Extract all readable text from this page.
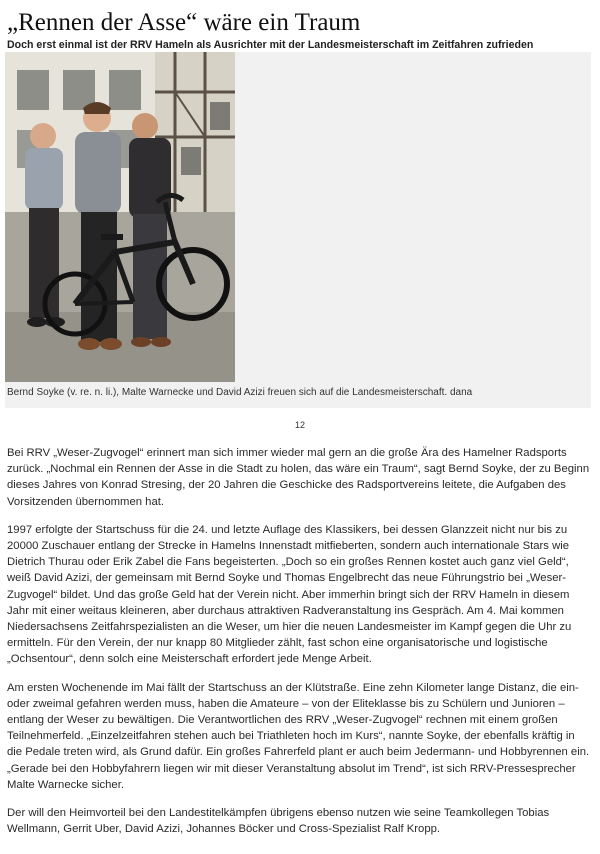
„Rennen der Asse“ wäre ein Traum
Doch erst einmal ist der RRV Hameln als Ausrichter mit der Landesmeisterschaft im Zeitfahren zufrieden

Bernd Soyke (v. re. n. li.), Malte Warnecke und David Azizi freuen sich auf die Landesmeisterschaft. dana

12

Bei RRV „Weser-Zugvogel“ erinnert man sich immer wieder mal gern an die große Ära des Hamelner Radsports zurück. „Nochmal ein Rennen der Asse in die Stadt zu holen, das wäre ein Traum“, sagt Bernd Soyke, der zu Beginn dieses Jahres von Konrad Stresing, der 20 Jahren die Geschicke des Radsportvereins leitete, die Aufgaben des Vorsitzenden übernommen hat.

1997 erfolgte der Startschuss für die 24. und letzte Auflage des Klassikers, bei dessen Glanzzeit nicht nur bis zu 20000 Zuschauer entlang der Strecke in Hamelns Innenstadt mitfieberten, sondern auch internationale Stars wie Dietrich Thurau oder Erik Zabel die Fans begeisterten. „Doch so ein großes Rennen kostet auch ganz viel Geld“, weiß David Azizi, der gemeinsam mit Bernd Soyke und Thomas Engelbrecht das neue Führungstrio bei „Weser-Zugvogel“ bildet. Und das große Geld hat der Verein nicht. Aber immerhin bringt sich der RRV Hameln in diesem Jahr mit einer weitaus kleineren, aber durchaus attraktiven Radveranstaltung ins Gespräch. Am 4. Mai kommen Niedersachsens Zeitfahrspezialisten an die Weser, um hier die neuen Landesmeister im Kampf gegen die Uhr zu ermitteln. Für den Verein, der nur knapp 80 Mitglieder zählt, fast schon eine organisatorische und logistische „Ochsentour“, denn solch eine Meisterschaft erfordert jede Menge Arbeit.

Am ersten Wochenende im Mai fällt der Startschuss an der Klütstraße. Eine zehn Kilometer lange Distanz, die ein- oder zweimal gefahren werden muss, haben die Amateure – von der Eliteklasse bis zu Schülern und Junioren – entlang der Weser zu bewältigen. Die Verantwortlichen des RRV „Weser-Zugvogel“ rechnen mit einem großen Teilnehmerfeld. „Einzelzeitfahren stehen auch bei Triathleten hoch im Kurs“, nannte Soyke, der ebenfalls kräftig in die Pedale treten wird, als Grund dafür. Ein großes Fahrerfeld plant er auch beim Jedermann- und Hobbyrennen ein. „Gerade bei den Hobbyfahrern liegen wir mit dieser Veranstaltung absolut im Trend“, ist sich RRV-Pressesprecher Malte Warnecke sicher.

Der will den Heimvorteil bei den Landestitelkämpfen übrigens ebenso nutzen wie seine Teamkollegen Tobias Wellmann, Gerrit Uber, David Azizi, Johannes Böcker und Cross-Spezialist Ralf Kropp.
